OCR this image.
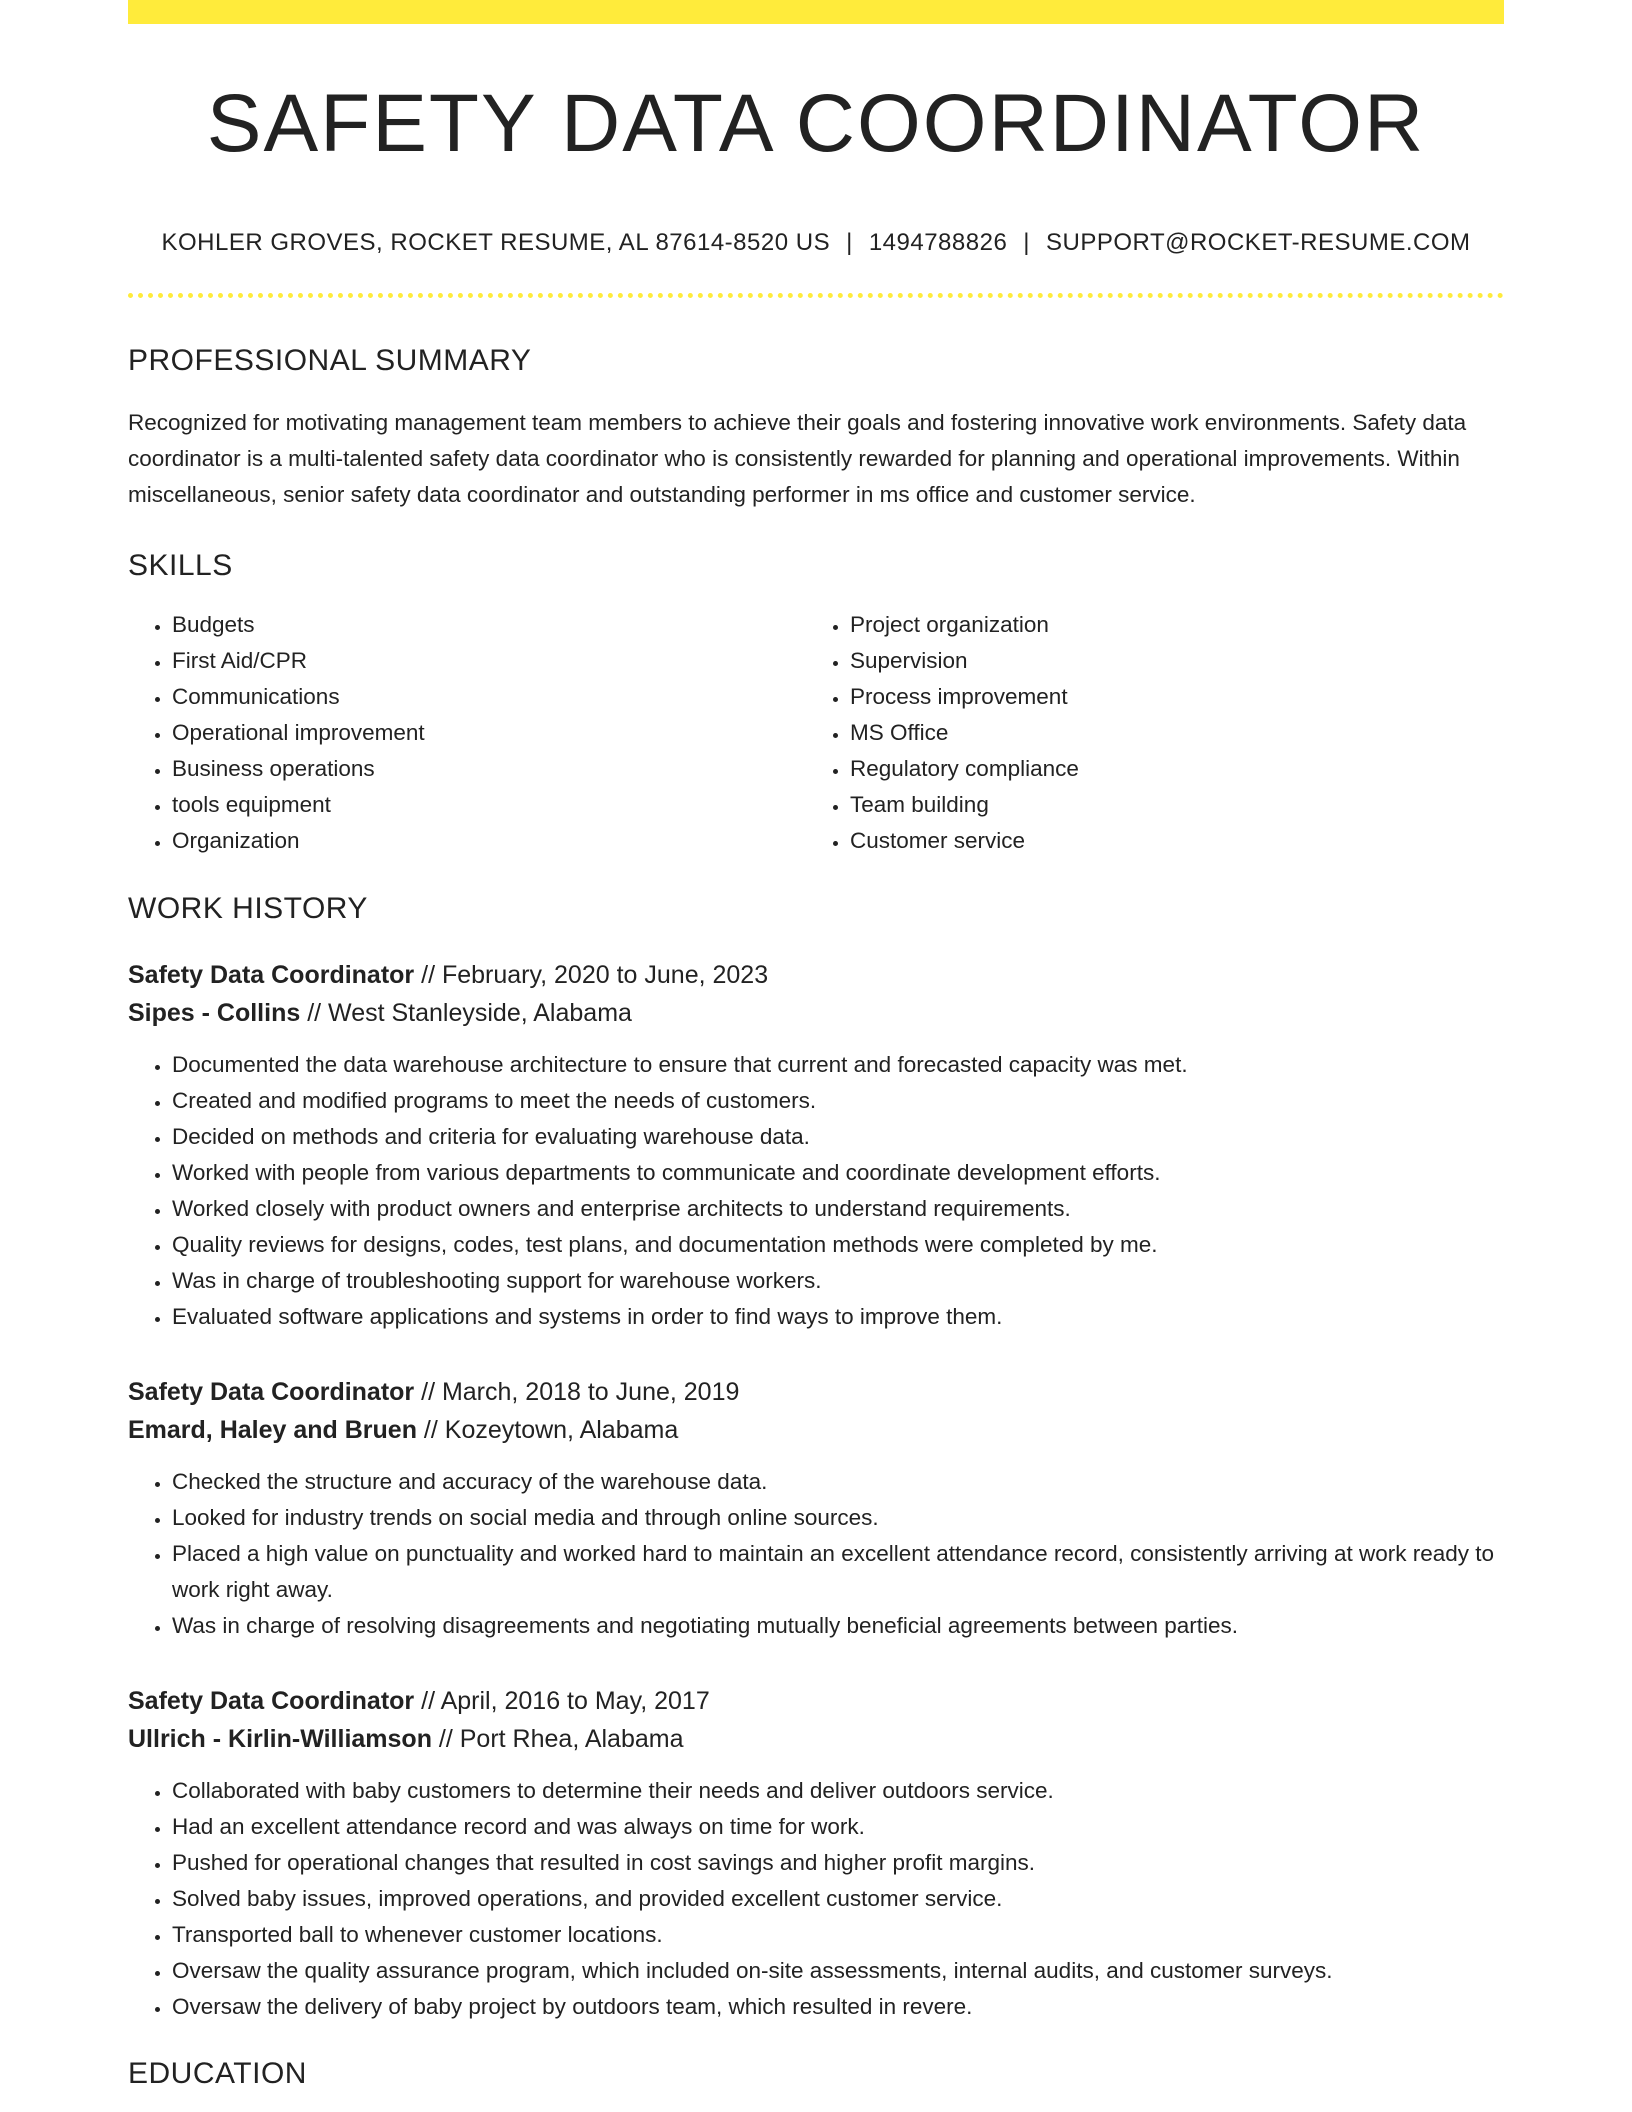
SAFETY DATA COORDINATOR
KOHLER GROVES, ROCKET RESUME, AL 87614-8520 US | 1494788826 | SUPPORT@ROCKET-RESUME.COM
PROFESSIONAL SUMMARY

Recognized for motivating management team members to achieve their goals and fostering innovative work environments. Safety data coordinator is a multi-talented safety data coordinator who is consistently rewarded for planning and operational improvements. Within miscellaneous, senior safety data coordinator and outstanding performer in ms office and customer service.

SKILLS
• Budgets
• First Aid/CPR
• Communications
• Operational improvement
• Business operations
• tools equipment
• Organization
• Project organization
• Supervision
• Process improvement
• MS Office
• Regulatory compliance
• Team building
• Customer service
WORK HISTORY
Safety Data Coordinator // February, 2020 to June, 2023
Sipes - Collins // West Stanleyside, Alabama
• Documented the data warehouse architecture to ensure that current and forecasted capacity was met.
• Created and modified programs to meet the needs of customers.
• Decided on methods and criteria for evaluating warehouse data.
• Worked with people from various departments to communicate and coordinate development efforts.
• Worked closely with product owners and enterprise architects to understand requirements.
• Quality reviews for designs, codes, test plans, and documentation methods were completed by me.
• Was in charge of troubleshooting support for warehouse workers.
• Evaluated software applications and systems in order to find ways to improve them.
Safety Data Coordinator // March, 2018 to June, 2019
Emard, Haley and Bruen // Kozeytown, Alabama
• Checked the structure and accuracy of the warehouse data.
• Looked for industry trends on social media and through online sources.
• Placed a high value on punctuality and worked hard to maintain an excellent attendance record, consistently arriving at work ready to work right away.
• Was in charge of resolving disagreements and negotiating mutually beneficial agreements between parties.
Safety Data Coordinator // April, 2016 to May, 2017
Ullrich - Kirlin-Williamson // Port Rhea, Alabama
• Collaborated with baby customers to determine their needs and deliver outdoors service.
• Had an excellent attendance record and was always on time for work.
• Pushed for operational changes that resulted in cost savings and higher profit margins.
• Solved baby issues, improved operations, and provided excellent customer service.
• Transported ball to whenever customer locations.
• Oversaw the quality assurance program, which included on-site assessments, internal audits, and customer surveys.
• Oversaw the delivery of baby project by outdoors team, which resulted in revere.
EDUCATION
